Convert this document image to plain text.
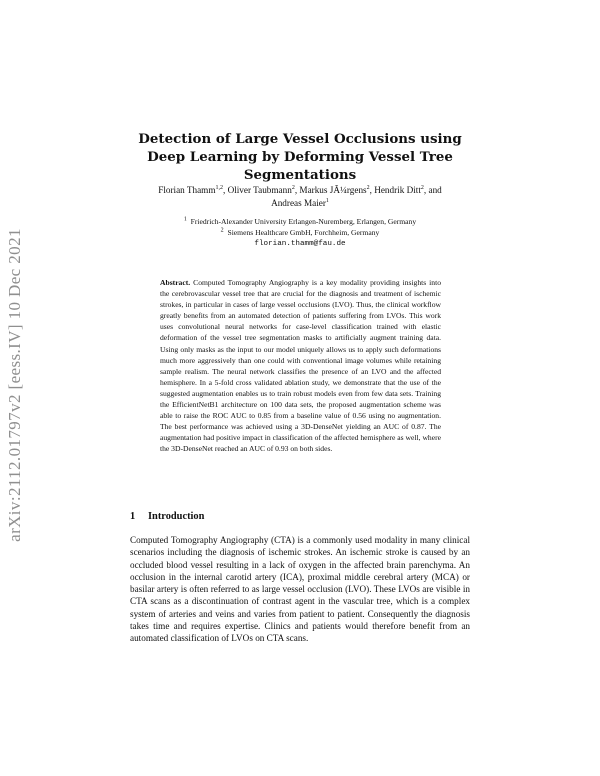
arXiv:2112.01797v2 [eess.IV] 10 Dec 2021
Detection of Large Vessel Occlusions using Deep Learning by Deforming Vessel Tree Segmentations
Florian Thamm$^{1,2}$, Oliver Taubmann$^2$, Markus JÃ¼rgens$^2$, Hendrik Ditt$^2$, and
Andreas Maier$^1$
$^1$ Friedrich-Alexander University Erlangen-Nuremberg, Erlangen, Germany
$^2$ Siemens Healthcare GmbH, Forchheim, Germany
florian.thamm@fau.de
Abstract. Computed Tomography Angiography is a key modality providing insights into the cerebrovascular vessel tree that are crucial for the diagnosis and treatment of ischemic strokes, in particular in cases of large vessel occlusions (LVO). Thus, the clinical workflow greatly benefits from an automated detection of patients suffering from LVOs. This work uses convolutional neural networks for case-level classification trained with elastic deformation of the vessel tree segmentation masks to artificially augment training data. Using only masks as the input to our model uniquely allows us to apply such deformations much more aggressively than one could with conventional image volumes while retaining sample realism. The neural network classifies the presence of an LVO and the affected hemisphere. In a 5-fold cross validated ablation study, we demonstrate that the use of the suggested augmentation enables us to train robust models even from few data sets. Training the EfficientNetB1 architecture on 100 data sets, the proposed augmentation scheme was able to raise the ROC AUC to 0.85 from a baseline value of 0.56 using no augmentation. The best performance was achieved using a 3D-DenseNet yielding an AUC of 0.87. The augmentation had positive impact in classification of the affected hemisphere as well, where the 3D-DenseNet reached an AUC of 0.93 on both sides.
1 Introduction
Computed Tomography Angiography (CTA) is a commonly used modality in many clinical scenarios including the diagnosis of ischemic strokes. An ischemic stroke is caused by an occluded blood vessel resulting in a lack of oxygen in the affected brain parenchyma. An occlusion in the internal carotid artery (ICA), proximal middle cerebral artery (MCA) or basilar artery is often referred to as large vessel occlusion (LVO). These LVOs are visible in CTA scans as a discontinuation of contrast agent in the vascular tree, which is a complex system of arteries and veins and varies from patient to patient. Consequently the diagnosis takes time and requires expertise. Clinics and patients would therefore benefit from an automated classification of LVOs on CTA scans.
